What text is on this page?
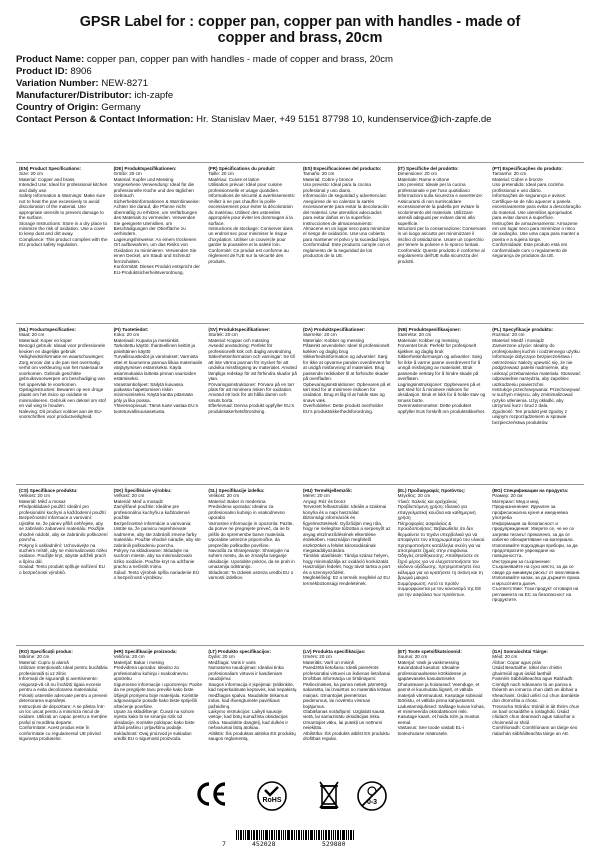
GPSR Label for : copper pan, copper pan with handles - made of copper and brass, 20cm
Product Name: copper pan, copper pan with handles - made of copper and brass, 20cm
Product ID: 8906
Variation Number: NEW-8271
Manufacturer/Distributor: ich-zapfe
Country of Origin: Germany
Contact Person & Contact Information: Hr. Stanislav Maer, +49 5151 87798 10, kundenservice@ich-zapfe.de
(EN) Product Specifications:

Size: 20 cm
Material: Copper and brass
Intended Use: Ideal for professional kitchen and daily use.
Safety Information & Warnings: Make sure not to heat the pan excessively to avoid discoloration of the material. Use appropriate utensils to prevent damage to the surface.
Storage Instructions: Store in a dry place to minimize the risk of oxidation. Use a cover to keep dust and dirt away.
Compliance: This product complies with the EU product safety regulation.

(DE) Produktspezifikationen:

Größe: 20 cm
Material: Kupfer und Messing
Vorgesehene Verwendung: Ideal für die professionelle Küche und den täglichen Gebrauch
Sicherheitsinformationen & Warnhinweise: Achten Sie darauf, die Pfanne nicht übermäßig zu erhitzen, um Verfärbungen des Materials zu vermeiden. Verwenden Sie geeignete Utensilien, um Beschädigungen der Oberfläche zu verhindern.
Lagerungshinweise: An einem trockenen Ort aufbewahren, um das Risiko von Oxidation zu minimieren. Verwenden Sie einen Deckel, um Staub und Schmutz fernzuhalten.
Konformität: Dieses Produkt entspricht der EU-Produktsicherheitsverordnung.

(FR) Spécifications du produit:

Taille: 20 cm
Matériau: Cuivre et laiton
Utilisation prévue: Idéal pour cuisine professionnelle et usage quotidien.
Informations de sécurité & avertissements: Veillez à ne pas chauffer la poêle excessivement pour éviter la décoloration du matériau. Utilisez des ustensiles appropriés pour éviter les dommages à la surface.
Instructions de stockage: Conserver dans un endroit sec pour minimiser le risque d'oxydation. Utiliser un couvercle pour garder la poussière et la saleté loin.
Conformité: Ce produit est conforme au règlement de l'UE sur la sécurité des produits.

(ES) Especificaciones del producto:

Tamaño: 20 cm
Material: Cobre y bronce
Uso previsto: Ideal para la cocina profesional y uso diario.
Información de seguridad y advertencias: Asegúrese de no calentar la sartén excesivamente para evitar la decoloración del material. Use utensilios adecuados para evitar daños en la superficie.
Instrucciones de almacenamiento: Almacene en un lugar seco para minimizar el riesgo de oxidación. Use una cubierta para mantener el polvo y la suciedad lejos.
Conformidad: Este producto cumple con el reglamento de la seguridad de los productos de la UE.

(IT) Specifiche del prodotto:

Dimensione: 20 cm
Materiale: Rame e ottone
Uso previsto: Ideale per la cucina professionale e per l'uso quotidiano
Informazioni sulla sicurezza e avvertenze: Assicurarsi di non surriscaldare eccessivamente la padella per evitare lo scolorimento del materiale. Utilizzare utensili adeguati per evitare danni alla superficie.
Istruzioni per la conservazione: Conservare in un luogo asciutto per minimizzare il rischio di ossidazione. Usare un coperchio per tenere la polvere e lo sporco lontani.
Conformità: Questo prodotto è conforme al regolamento dell'UE sulla sicurezza dei prodotti.

(PT) Especificações do produto:

Tamanho: 20 cm
Material: Cobre e bronze
Uso pretendido: Ideal para cozinha profissional e uso diário.
Informações de segurança e avisos: Certifique-se de não aquecer a panela excessivamente para evitar a descoloração do material. Use utensílios apropriados para evitar danos à superfície.
Instruções de armazenamento: Armazene em um lugar seco para minimizar o risco de oxidação. Use uma capa para manter a poeira e a sujeira longe.
Conformidade: Este produto está em conformidade com o regulamento de segurança de produtos da UE.

(NL) Productspecificaties:

Maat: 20 cm
Materiaal: Koper en koper
Beoogd gebruik: Ideaal voor professionele keuken en dagelijks gebruik
Veiligheidsinformatie en waarschuwingen: Zorg ervoor dat u de pan niet overmatig verhit om verkleuring van het materiaal te voorkomen. Gebruik geschikte gebruiksvoorwerpen om beschadiging van het oppervlak te voorkomen.
Opslaginstructies: Bewaren op een droge plaats om het risico op oxidatie te minimaliseren. Gebruik een deksel om stof en vuil weg te houden.
Naleving: Dit product voldoet aan de EU-voorschriften voor productveiligheid.

(FI) Tuotetiedot:

Koko: 20 cm
Materiaali: Kuparia ja messinkiä
Tarkoitettu käyttö: Ihanteellinen keittiö ja päivittäinen käyttö
Turvallisuustiedot ja varoitukset: Varmista ettei et kuumenna pannua liikaa materiaalin värjäytymisen estämiseksi. Käytä asianmukaisia laitteita pinnan vaurioiden estämiseksi.
Varastointiohjeet: Säilytä kuivassa paikassa hapettumisen riskin minimoimiseksi. Käytä kantta pitämään pöly ja lika poissa.
Yhteensopivuus: Tämä tuote vastaa EU:n tuoteturvallisuusasetusta.

(SV) Produktspecifikationer:

Storlek: 20 cm
Material: Koppar och mässing
Avsedd användning: Perfekt för professionellt kök och daglig användning
Säkerhetsinformation och varningar: Se till att inte värma pannan för mycket för att undvika missfärgning av materialet. Använd lämpliga redskap för att förhindra skador på ytan.
Förvaringsinstruktioner: Förvara på en torr plats för att minimera risken för oxidation. Använd ett lock för att hålla damm och smuts borta.
Efterlevnad: Denna produkt uppfyller EU:s produktsäkerhetsförordning.

(DA) Produktspecifikationer:

Størrelse: 20 cm
Materiale: Kobber og messing
Påtænkt anvendelse: Ideel til professionelt køkken og daglig brug
Sikkerhedsinformation og advarsler: Sørg for ikke at opvarme panden overdrevent for at undgå misfarvning af materialet. Brug passende redskaber til at forhindre skader på overfladen.
Opbevaringsinstruktioner: Opbevares på et tørt sted for at minimere risikoen for oxidation. Brug et låg til at holde støv og snavs væk.
Overholdelse: Dette produkt overholder EU's produktsikkerhedsforordning.

(NB) Produktspesifikasjoner:

Størrelse: 20 cm
Materiale: Kobber og messing
Forventet bruk: Perfekt for profesjonelt kjøkken og daglig bruk
Sikkerhetsinformasjon og advarsler: Sørg for ikke å varme panne overdrevent for å unngå misfarging av materialet. Bruk passende verktøy for å hindre skade på overflaten.
Lagringsinstruksjoner: Oppbevares på et tørt sted for å minimere risikoen for oksidasjon. Bruk et lokk for å holde støv og smuss borte.
Overensstemmelse: Dette produktet oppfyller EUs forskrift om produktsikkerhet.

(PL) Specyfikacje produktu:

Rozmiar: 20 cm
Materiał: Miedź i mosiądz
Zamierzone użycie: Idealny do profesjonalnej kuchni i codziennego użytku
Informacje dotyczące bezpieczeństwa i ostrzeżenia: Należy upewnić się, że nie podgrzewasz patelni nadmiernie, aby uniknąć przebarwienia materiału. Stosować odpowiednie narzędzia, aby zapobiec uszkodzeniu powierzchni.
Instrukcje przechowywania: Przechowywać w suchym miejscu, aby zminimalizować ryzyko utlenienia. Użyj okładki, aby utrzymać kurz i brud z dala.
Zgodność: Ten produkt jest zgodny z unijnym rozporządzeniem w sprawie bezpieczeństwa produktów.

(CS) Specifikace produktu:

Velikost: 20 cm
Materiál: Měď a mosaz
Předpokládané použití: Ideální pro profesionální kuchyni a každodenní použití
Bezpečnostní informace a varování: Ujistěte se, že pánev příliš nehřejete, aby se zabránilo zabarvení materiálu. Použijte vhodné nádobí, aby se zabránilo poškození povrchu.
Pokyny k uskladnění: Uchovávejte na suchém místě, aby se minimalizovalo riziko oxidace. Použijte kryt, abyste udrželi prach a špínu dál.
Soulad: Tento produkt splňuje nařízení EU o bezpečnosti výrobků.

(SK) Špecifikácie výrobku:

Veľkosť: 20 cm
Materiál: Meď a mosadz
Zamýšľané použitie: Ideálne pre profesionálnu kuchyňu a každodenné použitie
Bezpečnostné informácie a varovania: Uistite sa, že panvicu neprehrievate nadmerne, aby ste zabránili zmene farby materiálu. Použite vhodné náradie, aby ste zabránili poškodeniu povrchu.
Pokyny na skladovanie: Skladujte na suchom mieste, aby sa minimalizovalo riziko oxidácie. Použite kryt na udržanie prachu a nečistôt mimo.
Súlad: Tento výrobok spĺňa nariadenie EÚ o bezpečnosti výrobkov.

(SL) Specifikacije izdelka:

Velikost: 20 cm
Material: Baker in medenina
Predvidena uporaba: Idealno za profesionalno kuhinjo in vsakodnevno uporabo
Varnostne informacije in opozorila: Pazite, da ponve ne pregrejete preveč, da ne bi prišlo do spremembe barve materiala. Uporabite ustrezne pripomočke, da preprečite poškodbe površine.
Navodila za shranjevanje: Shranjujte na suhem mestu, da se zmanjša tveganje oksidacije. Uporabite pokrov, da se prah in umazanija odstranijo.
Skladnost: Ta izdelek ustreza uredbi EU o varnosti izdelkov.

(HU) Termékjellemzők:

Méret: 20 cm
Anyag: Réz és bronz
Tervezett felhasználás: Ideális a szakmai konyha és a napi használat
Biztonsági információk és figyelmeztetések: Győződjön meg róla, hogy ne melegítse túlzottan a serpenyőt az anyag elszíneződésének elkerülése érdekében. Használjon megfelelő eszközöket a felület károsodásának megakadályozására.
Tárolási utasítások: Tárolja száraz helyen, hogy minimalizálja az oxidáció kockázatát. Használjon fedelet, hogy távol tartsa a port és a szennyeződést.
Megfelelőség: Ez a termék megfelel az EU termékbiztonsági rendeletének.

(EL) Προδιαγραφές προϊόντος:

Μέγεθος: 20 cm
Υλικό: Χαλκός και ορείχαλκος
Προβλεπόμενη χρήση: Ιδανικό για επαγγελματική κουζίνα και καθημερινή χρήση
Πληροφορίες ασφαλείας & προειδοποιήσεις: Βεβαιωθείτε ότι δεν θερμαίνετε το τηγάνι υπερβολικά για να αποφύγετε τον αποχρωματισμό του υλικού. Χρησιμοποιήστε κατάλληλα σκεύη για να αποτρέψετε ζημιές στην επιφάνεια.
Οδηγίες αποθήκευσης: Αποθηκεύστε σε ξηρό μέρος για να ελαχιστοποιήσετε τον κίνδυνο οξείδωσης. Χρησιμοποιήστε ένα κάλυμμα για να κρατήσετε τη σκόνη και τη βρωμιά μακριά.
Συμμόρφωση: Αυτό το προϊόν συμμορφώνεται με τον κανονισμό της ΕΕ για την ασφάλεια των προϊόντων.

(BG) Спецификации на продукта:

Размер: 20 см
Материал: Мед и мед
Предназначение: Идеален за професионална кухня и ежедневна употреба
Информация за безопасност и предупреждения: Уверете се, че не се загрява тиганът прекалено, за да се избегне обезцветяване на материала. Използвайте подходящи прибори, за да предотвратите увреждане на повърхността.
Инструкции за съхранение: Съхранявайте на сухо място, за да се сведе до минимум рискът от окисляване. Използвайте капак, за да държите праха и мръсотията далеч.
Съответствие: Този продукт отговаря на регламента на ЕС за безопасност на продуктите.

(RO) Specificații produs:

Mărime: 20 cm
Material: Cupru și alamă
Utilizare intenționată: Ideal pentru bucătăria profesională și uz zilnic
Informații de siguranță și avertismente: Asigurați-vă că nu încălziți tigaia excesiv pentru a evita decolorarea materialului. Folosiți ustensile adecvate pentru a preveni deteriorarea suprafeței.
Instrucțiuni de depozitare: A se păstra într-un loc uscat pentru a minimiza riscul de oxidare. Utilizați un capac pentru a menține praful și murdăria departe.
Conformitate: Acest produs este în conformitate cu regulamentul UE privind siguranța produselor.

(HR) Specifikacije proizvoda:

Veličina: 20 cm
Materijal: Bakar i mesing
Predviđena uporaba: Idealno za profesionalnu kuhinju i svakodnevnu upotrebu
Sigurnosne informacije i upozorenja: Pazite da ne pregrijete tavu previše kako biste izbjegli promjenu boje materijala. Koristite odgovarajuće posuđe kako biste spriječili oštećenje površine.
Upute za skladištenje: Čuvati na suhom mjestu kako bi se smanjio rizik od oksidacije. Koristite poklopac kako biste držali prašinu i prljavštinu podalje.
Sukladnost: Ovaj proizvod je sukladan uredbi EU o sigurnosti proizvoda.

(LT) Produkto specifikacijos:

Dydis: 20 cm
Medžiaga: Varis ir varis
Numatoma naudojimas: Idealiai tinka profesionaliam virtuvei ir kasdieniam naudojimui
Saugos informacija ir įspėjimai: Įsitikinkite, kad neperkaitinate keptuvės, kad nepakistų medžiagos spalva. Naudokite tinkamus indus, kad išvengtumėte paviršiaus pažeidimų.
Laikymo instrukcijos: Laikyti sausoje vietoje, kad būtų sumažinta oksidacijos rizika. Naudokite dangtelį, kad dulkės ir nešvarumai būtų atokiau.
Atitiktis: Šis produktas atitinka ES produktų saugos reglamentą.

(LV) Produkta specifikācijas:

Izmērs: 20 cm
Materiāls: Varš un misiņš
Paredzētā lietošana: Ideāli piemērots profesionālai virtuvei un ikdienas lietošanai
Drošības informācija un brīdinājumi: Pārliecinieties, ka panna netiek pārmērīgi sakarsēta, lai izvairītos no materiāla krāsas maiņas. Izmantojiet piemērotus piederumus, lai novērstu virsmas bojājumus.
Glabāšanas norādījumi: Uzglabāt sausā vietā, lai samazinātu oksidācijas risku. Izmantojiet vāku, lai putekļi un netīrumi neiekļūtu.
Atbilstība: Šis produkts atbilst ES produktu drošības regulai.

(ET) Toote spetsifikatsioonid:

Suurus: 20 cm
Materjal: Vask ja vaskmessing
Kavandatud kasutus: Ideaalne professionaalsesse köökidesse ja igapäevaseks kasutamiseks
Ohutusteave ja hoiatused: Veenduge, et pannit ei kuumutata liigselt, et vältida materjali värvimuutust. Kasutage sobivaid tööriistu, et vältida pinna kahjustamist.
Ladustamisjuhised: Säilitage kuivas kohas, et minimeerida oksüdatsiooni riski. Kasutage kaant, et hoida tolm ja mustus eemal.
Vastavus: See toode vastab EL-i tooteohutuse määrusele.

(GA) Sonraíochtaí Táirge:

Méid: 20 cm
Ábhar: Copar agus prás
Úsáid Beartaithe: Idéal don chistin ghairmiúil agus úsáid laethúil
Faisnéis Sábháilteachta agus Rabhadh: Cinntigh nach ndéanann tú an panna a théamh an iomarca chun dath an ábhair a sheachaint. Úsáid uirlisí cuí chun damáiste don dromchla a chosc.
Treoracha Stórála: Stóráil in áit thirim chun an baol ocsaídithe a íoslaghdú. Úsáid clúdach chun deannach agus salachar a choinneáil ar shiúl.
Comhlíonadh: Comhlíonann an táirge seo rialachán sábháilteachta táirge an AE.

RoHS	0-3
7	452028	529880
